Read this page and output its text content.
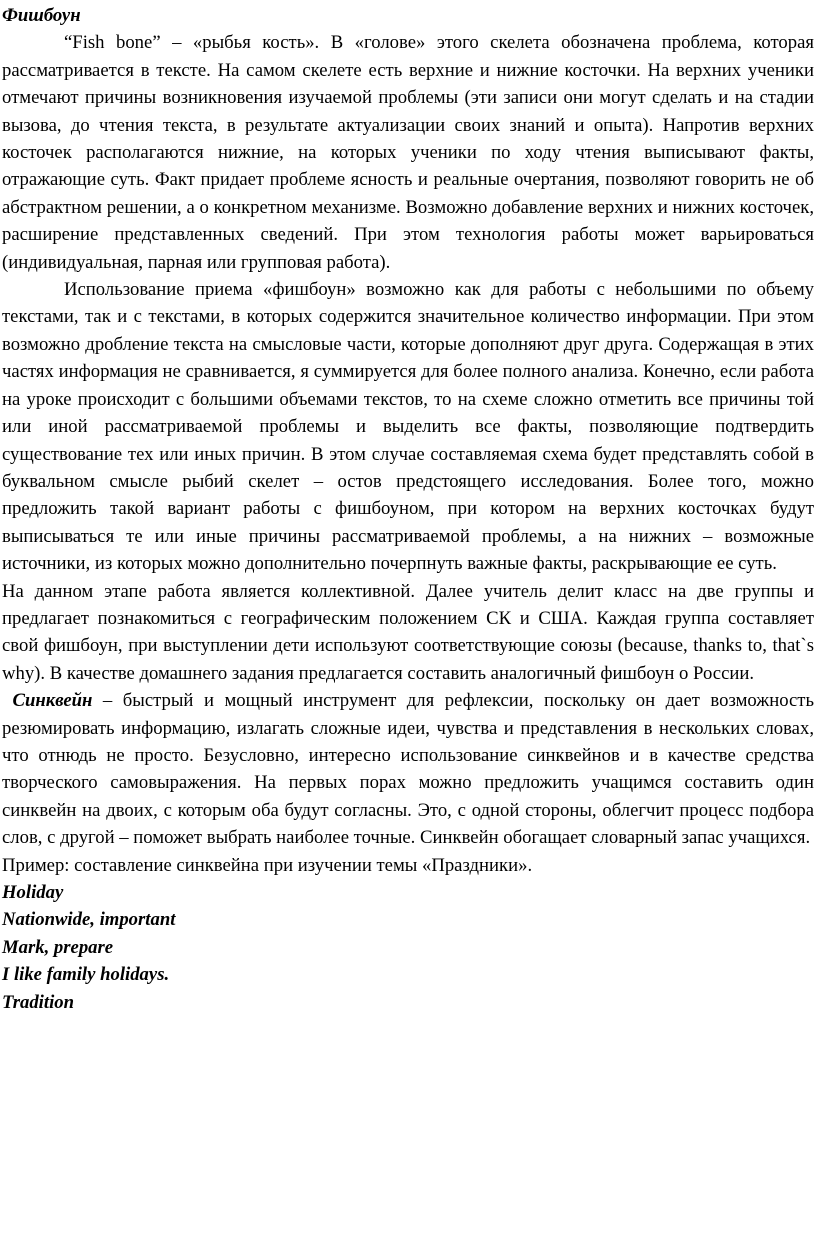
Фишбоун

“Fish bone” – «рыбья кость». В «голове» этого скелета обозначена проблема, которая рассматривается в тексте. На самом скелете есть верхние и нижние косточки. На верхних ученики отмечают причины возникновения изучаемой проблемы (эти записи они могут сделать и на стадии вызова, до чтения текста, в результате актуализации своих знаний и опыта). Напротив верхних косточек располагаются нижние, на которых ученики по ходу чтения выписывают факты, отражающие суть. Факт придает проблеме ясность и реальные очертания, позволяют говорить не об абстрактном решении, а о конкретном механизме. Возможно добавление верхних и нижних косточек, расширение представленных сведений. При этом технология работы может варьироваться (индивидуальная, парная или групповая работа).

Использование приема «фишбоун» возможно как для работы с небольшими по объему текстами, так и с текстами, в которых содержится значительное количество информации. При этом возможно дробление текста на смысловые части, которые дополняют друг друга. Содержащая в этих частях информация не сравнивается, я суммируется для более полного анализа. Конечно, если работа на уроке происходит с большими объемами текстов, то на схеме сложно отметить все причины той или иной рассматриваемой проблемы и выделить все факты, позволяющие подтвердить существование тех или иных причин. В этом случае составляемая схема будет представлять собой в буквальном смысле рыбий скелет – остов предстоящего исследования. Более того, можно предложить такой вариант работы с фишбоуном, при котором на верхних косточках будут выписываться те или иные причины рассматриваемой проблемы, а на нижних – возможные источники, из которых можно дополнительно почерпнуть важные факты, раскрывающие ее суть.

На данном этапе работа является коллективной. Далее учитель делит класс на две группы и предлагает познакомиться с географическим положением СК и США. Каждая группа составляет свой фишбоун, при выступлении дети используют соответствующие союзы (because, thanks to, that`s why). В качестве домашнего задания предлагается составить аналогичный фишбоун о России.

Синквейн – быстрый и мощный инструмент для рефлексии, поскольку он дает возможность резюмировать информацию, излагать сложные идеи, чувства и представления в нескольких словах, что отнюдь не просто. Безусловно, интересно использование синквейнов и в качестве средства творческого самовыражения. На первых порах можно предложить учащимся составить один синквейн на двоих, с которым оба будут согласны. Это, с одной стороны, облегчит процесс подбора слов, с другой – поможет выбрать наиболее точные. Синквейн обогащает словарный запас учащихся.

Пример: составление синквейна при изучении темы «Праздники».

Holiday
Nationwide, important
Mark, prepare
I like family holidays.
Tradition
